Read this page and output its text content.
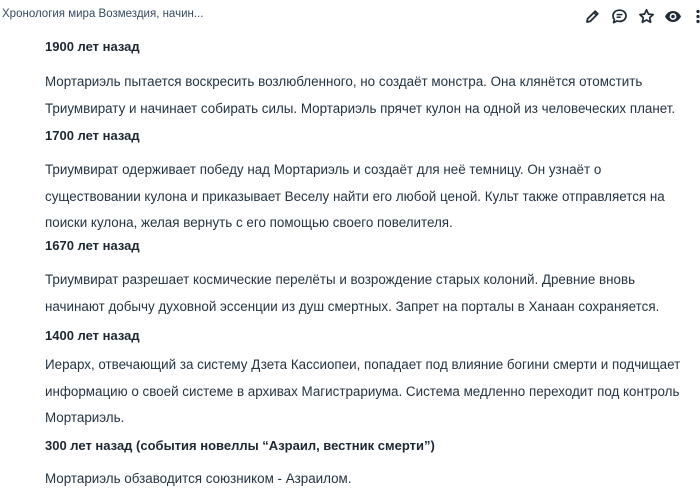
Хронология мира Возмездия, начин...
1900 лет назад
Мортариэль пытается воскресить возлюбленного, но создаёт монстра. Она клянётся отомстить Триумвирату и начинает собирать силы. Мортариэль прячет кулон на одной из человеческих планет.
1700 лет назад
Триумвират одерживает победу над Мортариэль и создаёт для неё темницу. Он узнаёт о существовании кулона и приказывает Веселу найти его любой ценой. Культ также отправляется на поиски кулона, желая вернуть с его помощью своего повелителя.
1670 лет назад
Триумвират разрешает космические перелёты и возрождение старых колоний. Древние вновь начинают добычу духовной эссенции из душ смертных. Запрет на порталы в Ханаан сохраняется.
1400 лет назад
Иерарх, отвечающий за систему Дзета Кассиопеи, попадает под влияние богини смерти и подчищает информацию о своей системе в архивах Магистрариума. Система медленно переходит под контроль Мортариэль.
300 лет назад (события новеллы “Азраил, вестник смерти”)
Мортариэль обзаводится союзником - Азраилом.
